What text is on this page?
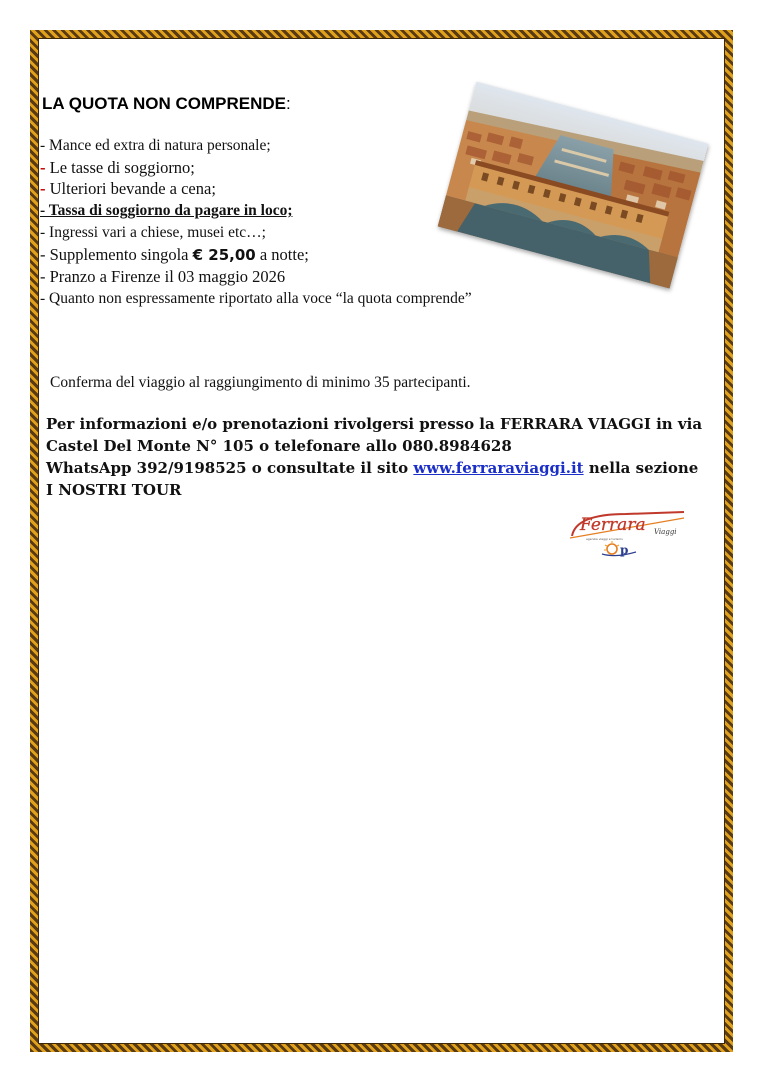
LA QUOTA NON COMPRENDE:
- Mance ed extra di natura personale;
- Le tasse di soggiorno;
- Ulteriori bevande a cena;
- Tassa di soggiorno da pagare in loco;
- Ingressi vari a chiese, musei etc…;
- Supplemento singola € 25,00 a notte;
- Pranzo a Firenze il 03 maggio 2026
- Quanto non espressamente riportato alla voce “la quota comprende”
Conferma del viaggio al raggiungimento di minimo 35 partecipanti.
Per informazioni e/o prenotazioni rivolgersi presso la FERRARA VIAGGI in via
Castel Del Monte N° 105 o telefonare allo 080.8984628
WhatsApp 392/9198525 o consultate il sito www.ferraraviaggi.it nella sezione
I NOSTRI TOUR
Ferrara Viaggi
agenzia viaggi e turismo
p
